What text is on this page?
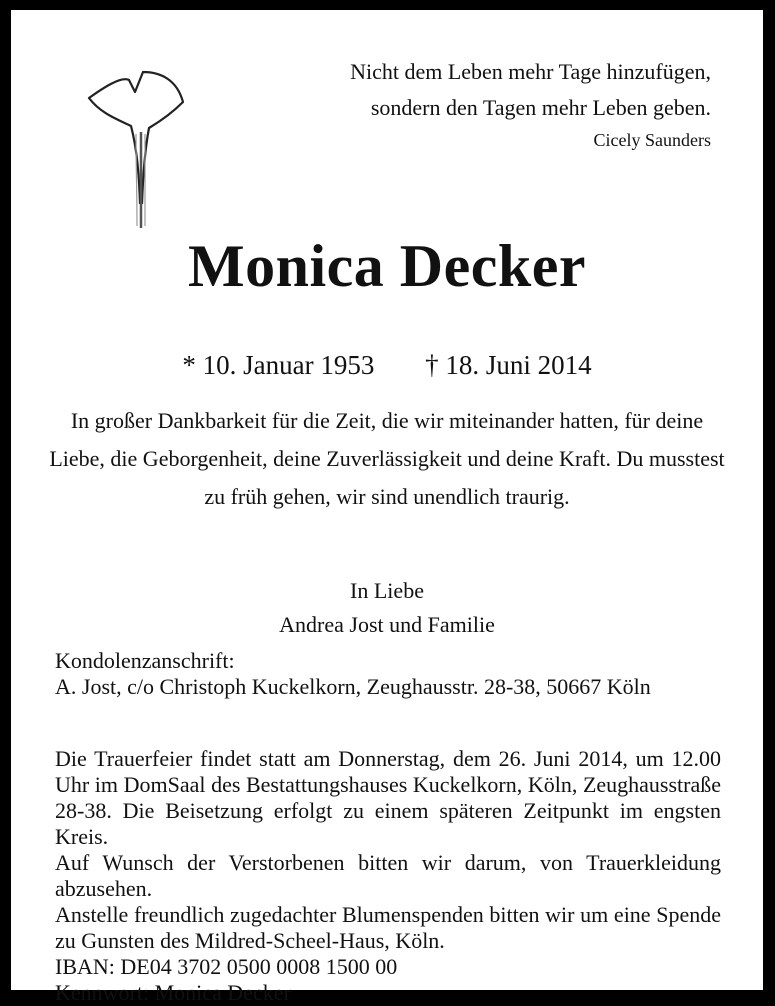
Nicht dem Leben mehr Tage hinzufügen,
sondern den Tagen mehr Leben geben.
Cicely Saunders
Monica Decker
* 10. Januar 1953 † 18. Juni 2014
In großer Dankbarkeit für die Zeit, die wir miteinander hatten, für deine Liebe, die Geborgenheit, deine Zuverlässigkeit und deine Kraft. Du musstest zu früh gehen, wir sind unendlich traurig.
In Liebe
Andrea Jost und Familie
Kondolenzanschrift:
A. Jost, c/o Christoph Kuckelkorn, Zeughausstr. 28-38, 50667 Köln

Die Trauerfeier findet statt am Donnerstag, dem 26. Juni 2014, um 12.00 Uhr im DomSaal des Bestattungshauses Kuckelkorn, Köln, Zeughausstraße 28-38. Die Beisetzung erfolgt zu einem späteren Zeitpunkt im engsten Kreis.

Auf Wunsch der Verstorbenen bitten wir darum, von Trauerkleidung abzusehen.

Anstelle freundlich zugedachter Blumenspenden bitten wir um eine Spende zu Gunsten des Mildred-Scheel-Haus, Köln.

IBAN: DE04 3702 0500 0008 1500 00
Kennwort: Monica Decker
